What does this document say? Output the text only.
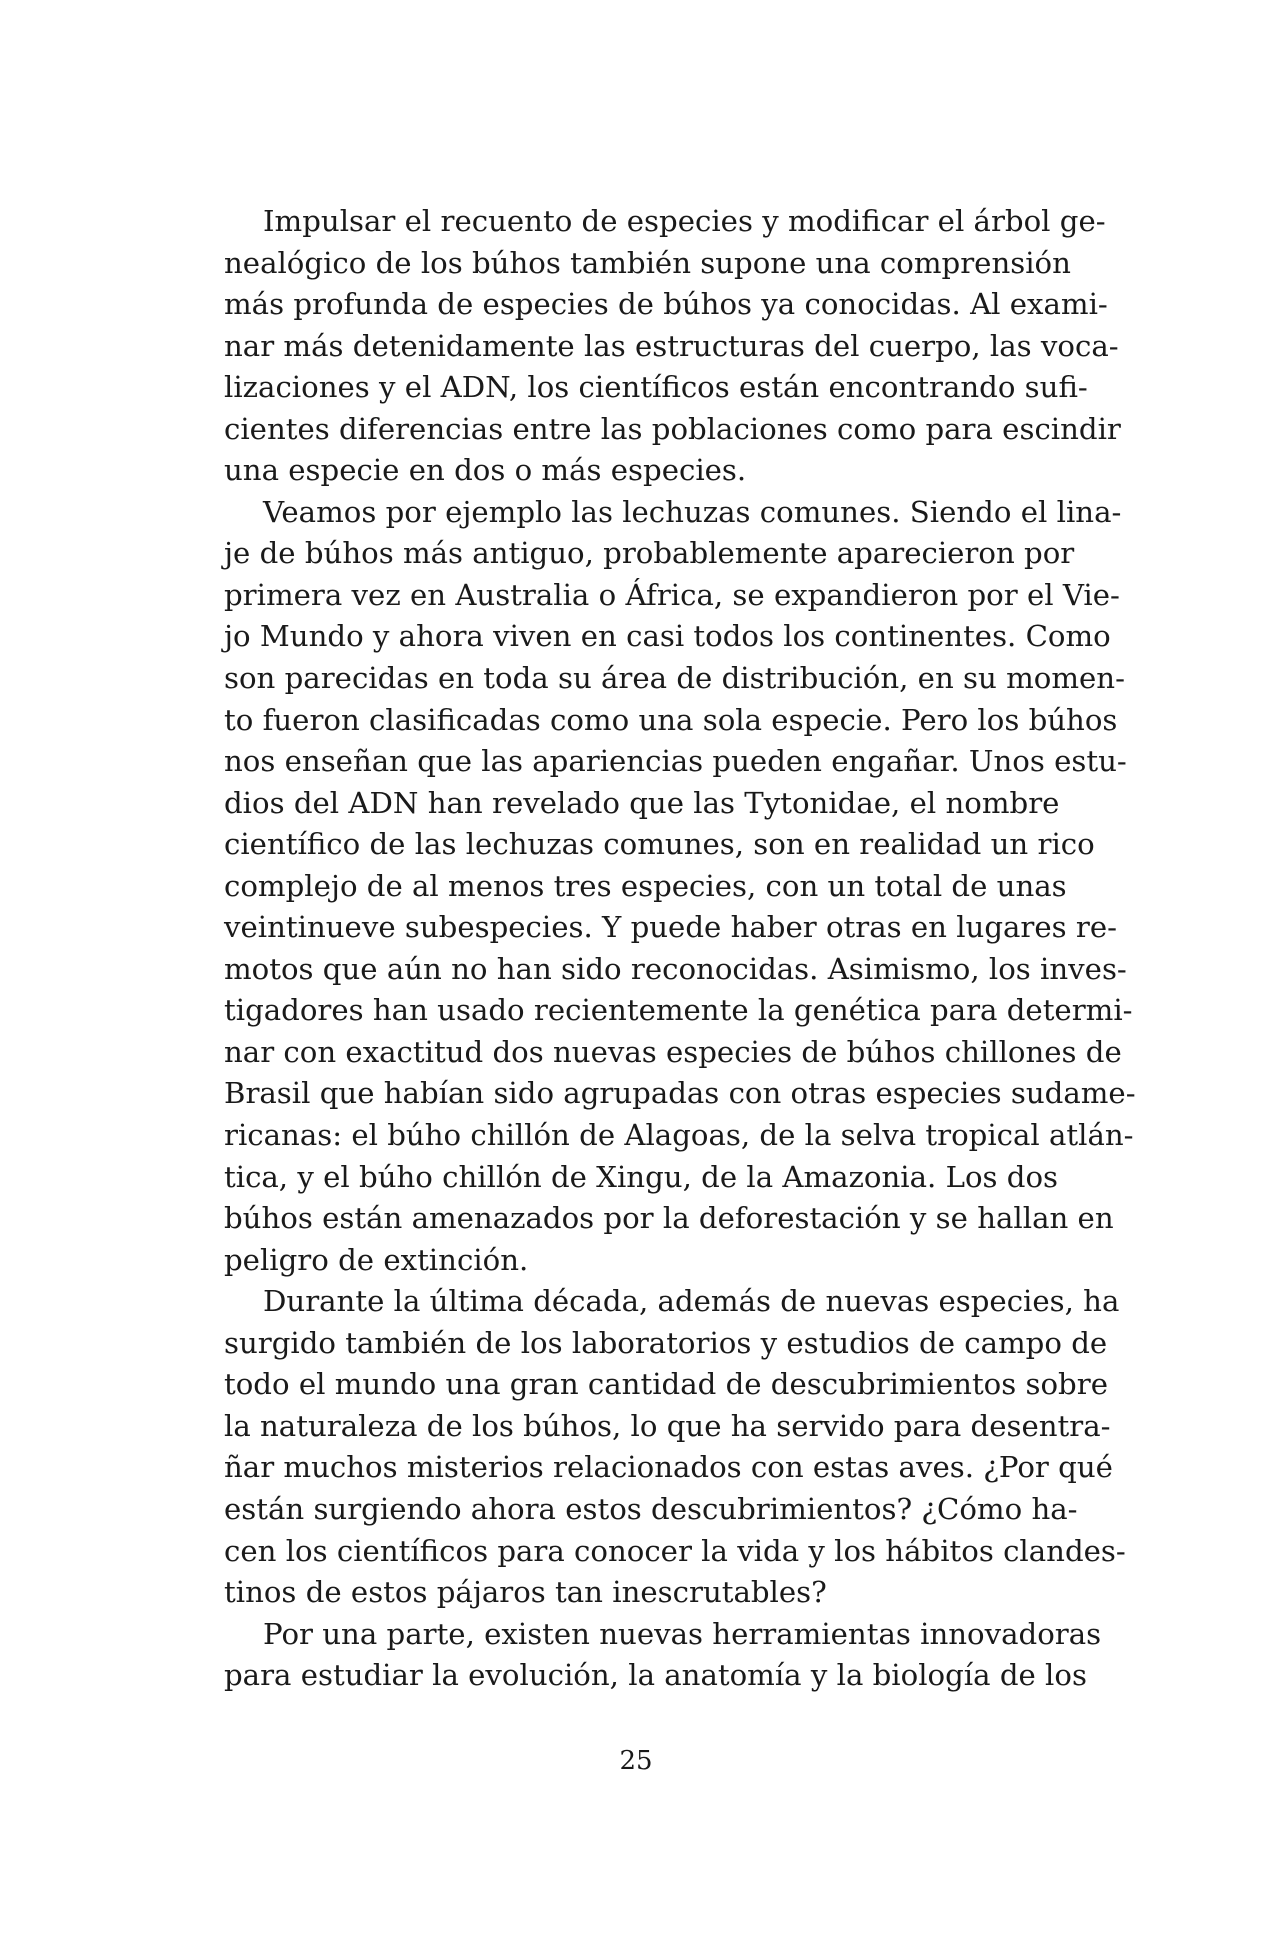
Impulsar el recuento de especies y modificar el árbol ge-
nealógico de los búhos también supone una comprensión
más profunda de especies de búhos ya conocidas. Al exami-
nar más detenidamente las estructuras del cuerpo, las voca-
lizaciones y el ADN, los científicos están encontrando sufi-
cientes diferencias entre las poblaciones como para escindir
una especie en dos o más especies.
Veamos por ejemplo las lechuzas comunes. Siendo el lina-
je de búhos más antiguo, probablemente aparecieron por
primera vez en Australia o África, se expandieron por el Vie-
jo Mundo y ahora viven en casi todos los continentes. Como
son parecidas en toda su área de distribución, en su momen-
to fueron clasificadas como una sola especie. Pero los búhos
nos enseñan que las apariencias pueden engañar. Unos estu-
dios del ADN han revelado que las Tytonidae, el nombre
científico de las lechuzas comunes, son en realidad un rico
complejo de al menos tres especies, con un total de unas
veintinueve subespecies. Y puede haber otras en lugares re-
motos que aún no han sido reconocidas. Asimismo, los inves-
tigadores han usado recientemente la genética para determi-
nar con exactitud dos nuevas especies de búhos chillones de
Brasil que habían sido agrupadas con otras especies sudame-
ricanas: el búho chillón de Alagoas, de la selva tropical atlán-
tica, y el búho chillón de Xingu, de la Amazonia. Los dos
búhos están amenazados por la deforestación y se hallan en
peligro de extinción.
Durante la última década, además de nuevas especies, ha
surgido también de los laboratorios y estudios de campo de
todo el mundo una gran cantidad de descubrimientos sobre
la naturaleza de los búhos, lo que ha servido para desentra-
ñar muchos misterios relacionados con estas aves. ¿Por qué
están surgiendo ahora estos descubrimientos? ¿Cómo ha-
cen los científicos para conocer la vida y los hábitos clandes-
tinos de estos pájaros tan inescrutables?
Por una parte, existen nuevas herramientas innovadoras
para estudiar la evolución, la anatomía y la biología de los
25
